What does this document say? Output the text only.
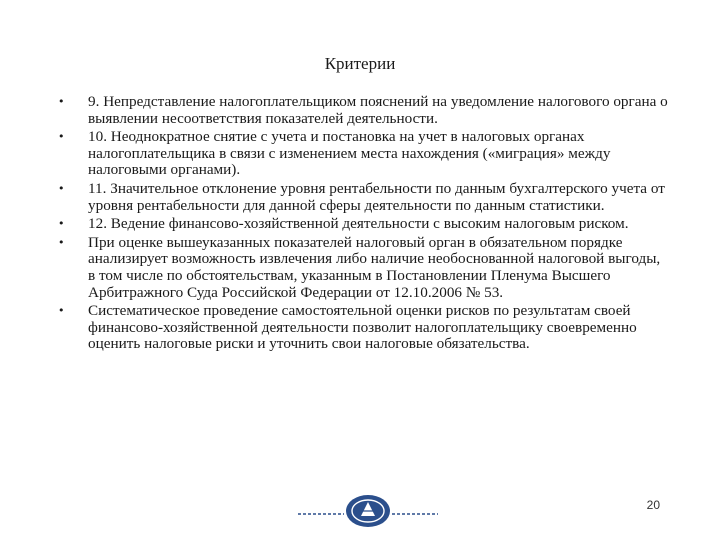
Критерии
• 9. Непредставление налогоплательщиком пояснений на уведомление налогового органа о выявлении несоответствия показателей деятельности.
• 10. Неоднократное снятие с учета и постановка на учет в налоговых органах налогоплательщика в связи с изменением места нахождения («миграция» между налоговыми органами).
• 11. Значительное отклонение уровня рентабельности по данным бухгалтерского учета от уровня рентабельности для данной сферы деятельности по данным статистики.
• 12. Ведение финансово-хозяйственной деятельности с высоким налоговым риском.
• При оценке вышеуказанных показателей налоговый орган в обязательном порядке анализирует возможность извлечения либо наличие необоснованной налоговой выгоды, в том числе по обстоятельствам, указанным в Постановлении Пленума Высшего Арбитражного Суда Российской Федерации от 12.10.2006 № 53.
• Систематическое проведение самостоятельной оценки рисков по результатам своей финансово-хозяйственной деятельности позволит налогоплательщику своевременно оценить налоговые риски и уточнить свои налоговые обязательства.
20
